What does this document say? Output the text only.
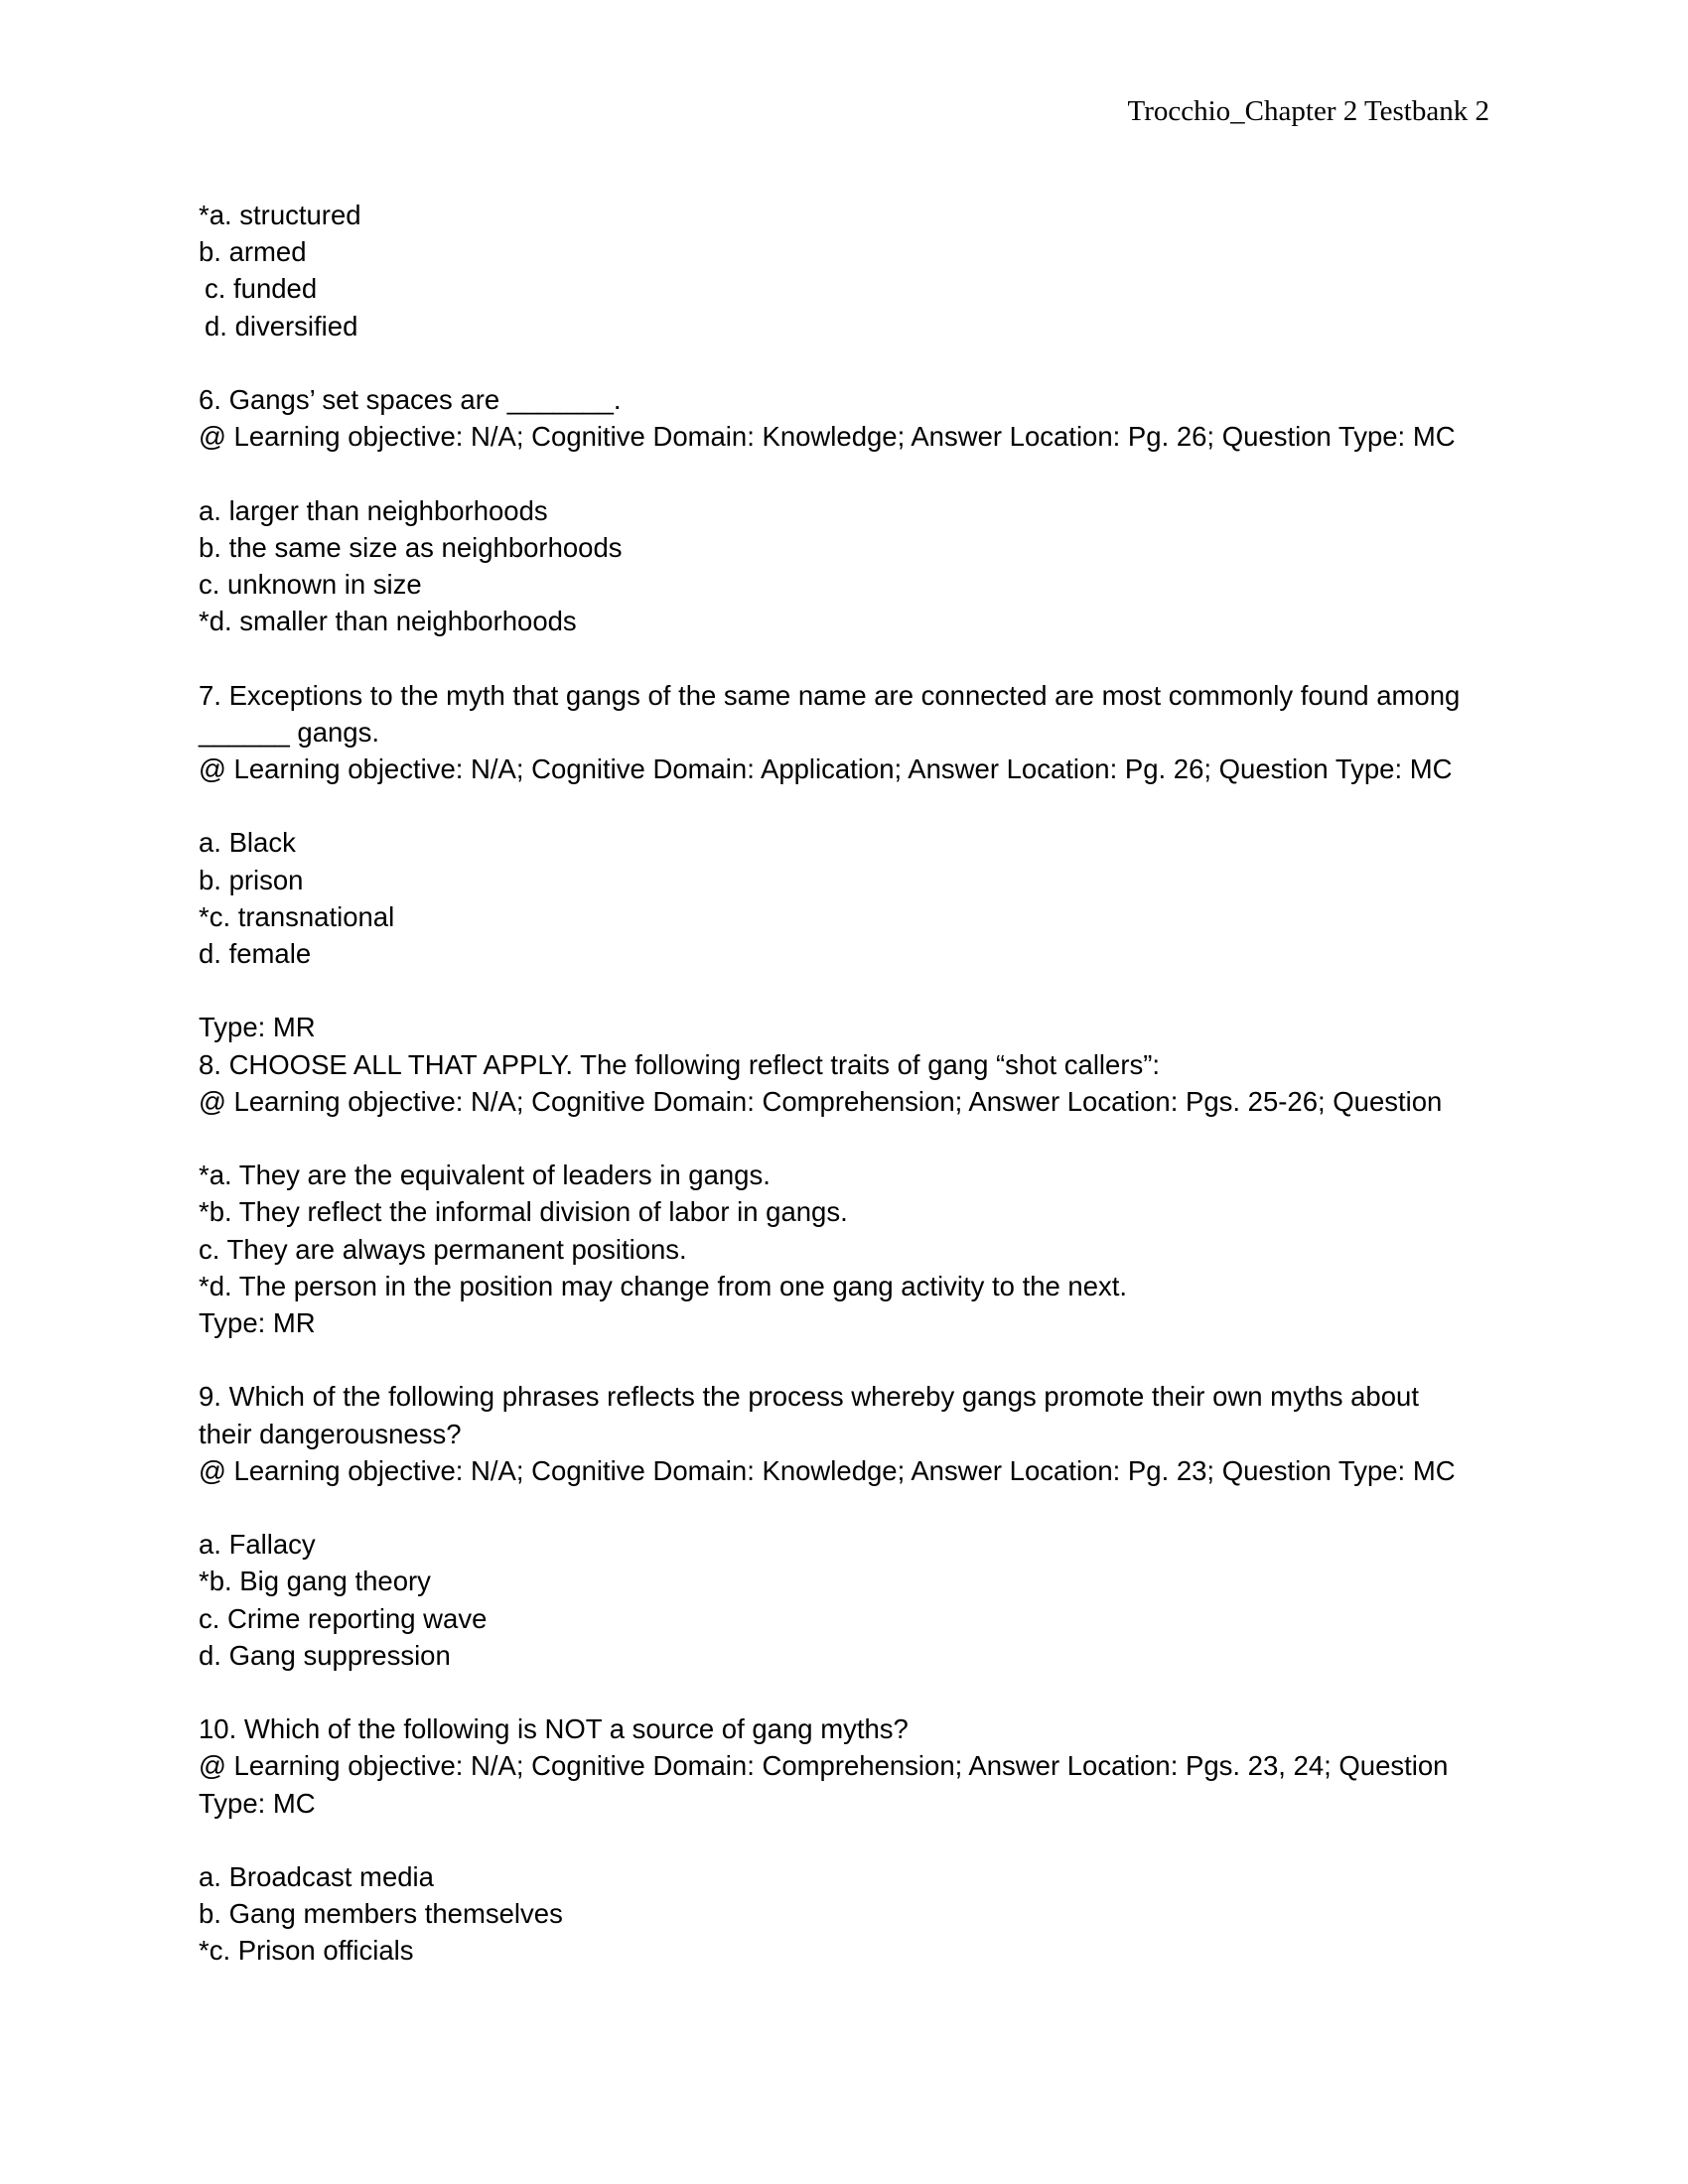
Trocchio_Chapter 2 Testbank 2
*a. structured
b. armed
c. funded
d. diversified
6. Gangs’ set spaces are _______.
@ Learning objective: N/A; Cognitive Domain: Knowledge; Answer Location: Pg. 26; Question Type: MC
a. larger than neighborhoods
b. the same size as neighborhoods
c. unknown in size
*d. smaller than neighborhoods
7. Exceptions to the myth that gangs of the same name are connected are most commonly found among
______ gangs.
@ Learning objective: N/A; Cognitive Domain: Application; Answer Location: Pg. 26; Question Type: MC
a. Black
b. prison
*c. transnational
d. female
Type: MR
8. CHOOSE ALL THAT APPLY. The following reflect traits of gang “shot callers”:
@ Learning objective: N/A; Cognitive Domain: Comprehension; Answer Location: Pgs. 25-26; Question
*a. They are the equivalent of leaders in gangs.
*b. They reflect the informal division of labor in gangs.
c. They are always permanent positions.
*d. The person in the position may change from one gang activity to the next.
Type: MR
9. Which of the following phrases reflects the process whereby gangs promote their own myths about
their dangerousness?
@ Learning objective: N/A; Cognitive Domain: Knowledge; Answer Location: Pg. 23; Question Type: MC
a. Fallacy
*b. Big gang theory
c. Crime reporting wave
d. Gang suppression
10. Which of the following is NOT a source of gang myths?
@ Learning objective: N/A; Cognitive Domain: Comprehension; Answer Location: Pgs. 23, 24; Question
Type: MC
a. Broadcast media
b. Gang members themselves
*c. Prison officials
